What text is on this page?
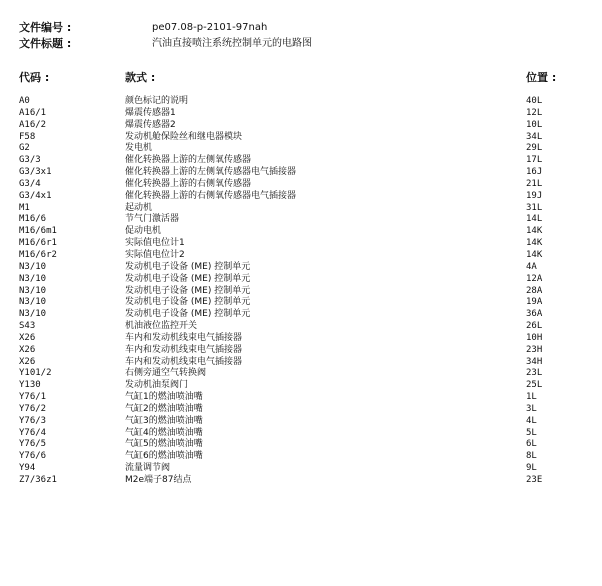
文件编号 :	pe07.08-p-2101-97nah
文件标题 :	汽油直接喷注系统控制单元的电路图
代码 :	款式 :	位置 :
A0	颜色标记的说明	40L
A16/1	爆震传感器1	12L
A16/2	爆震传感器2	10L
F58	发动机舱保险丝和继电器模块	34L
G2	发电机	29L
G3/3	催化转换器上游的左侧氧传感器	17L
G3/3x1	催化转换器上游的左侧氧传感器电气插接器	16J
G3/4	催化转换器上游的右侧氧传感器	21L
G3/4x1	催化转换器上游的右侧氧传感器电气插接器	19J
M1	起动机	31L
M16/6	节气门激活器	14L
M16/6m1	促动电机	14K
M16/6r1	实际值电位计1	14K
M16/6r2	实际值电位计2	14K
N3/10	发动机电子设备 (ME) 控制单元	4A
N3/10	发动机电子设备 (ME) 控制单元	12A
N3/10	发动机电子设备 (ME) 控制单元	28A
N3/10	发动机电子设备 (ME) 控制单元	19A
N3/10	发动机电子设备 (ME) 控制单元	36A
S43	机油液位监控开关	26L
X26	车内和发动机线束电气插接器	10H
X26	车内和发动机线束电气插接器	23H
X26	车内和发动机线束电气插接器	34H
Y101/2	右侧旁通空气转换阀	23L
Y130	发动机油泵阀门	25L
Y76/1	气缸1的燃油喷油嘴	1L
Y76/2	气缸2的燃油喷油嘴	3L
Y76/3	气缸3的燃油喷油嘴	4L
Y76/4	气缸4的燃油喷油嘴	5L
Y76/5	气缸5的燃油喷油嘴	6L
Y76/6	气缸6的燃油喷油嘴	8L
Y94	流量调节阀	9L
Z7/36z1	M2e端子87结点	23E
